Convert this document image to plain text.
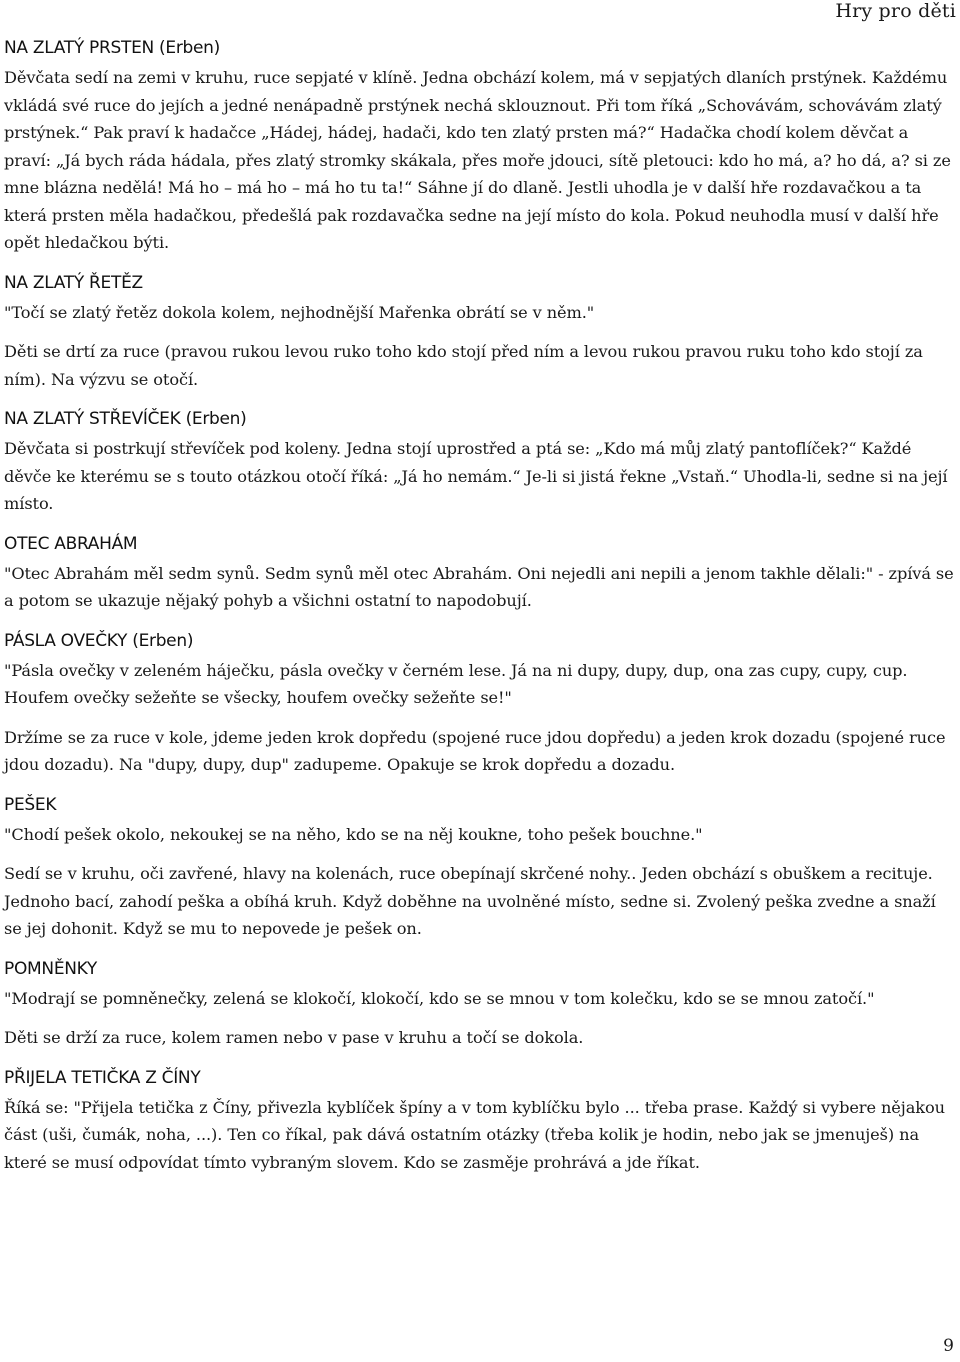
Hry pro děti
NA ZLATÝ PRSTEN (Erben)

Děvčata sedí na zemi v kruhu, ruce sepjaté v klíně. Jedna obchází kolem, má v sepjatých dlaních prstýnek. Každému vkládá své ruce do jejích a jedné nenápadně prstýnek nechá sklouznout. Při tom říká „Schovávám, schovávám zlatý prstýnek.“ Pak praví k hadačce „Hádej, hádej, hadači, kdo ten zlatý prsten má?“ Hadačka chodí kolem děvčat a praví: „Já bych ráda hádala, přes zlatý stromky skákala, přes moře jdouci, sítě pletouci: kdo ho má, a? ho dá, a? si ze mne blázna nedělá! Má ho – má ho – má ho tu ta!“ Sáhne jí do dlaně. Jestli uhodla je v další hře rozdavačkou a ta která prsten měla hadačkou, předešlá pak rozdavačka sedne na její místo do kola. Pokud neuhodla musí v další hře opět hledačkou býti.

NA ZLATÝ ŘETĚZ

"Točí se zlatý řetěz dokola kolem, nejhodnější Mařenka obrátí se v něm."

Děti se drtí za ruce (pravou rukou levou ruko toho kdo stojí před ním a levou rukou pravou ruku toho kdo stojí za ním). Na výzvu se otočí.

NA ZLATÝ STŘEVÍČEK (Erben)

Děvčata si postrkují střevíček pod koleny. Jedna stojí uprostřed a ptá se: „Kdo má můj zlatý pantoflíček?“ Každé děvče ke kterému se s touto otázkou otočí říká: „Já ho nemám.“ Je-li si jistá řekne „Vstaň.“ Uhodla-li, sedne si na její místo.

OTEC ABRAHÁM

"Otec Abrahám měl sedm synů. Sedm synů měl otec Abrahám. Oni nejedli ani nepili a jenom takhle dělali:" - zpívá se a potom se ukazuje nějaký pohyb a všichni ostatní to napodobují.

PÁSLA OVEČKY (Erben)

"Pásla ovečky v zeleném háječku, pásla ovečky v černém lese. Já na ni dupy, dupy, dup, ona zas cupy, cupy, cup. Houfem ovečky sežeňte se všecky, houfem ovečky sežeňte se!"

Držíme se za ruce v kole, jdeme jeden krok dopředu (spojené ruce jdou dopředu) a jeden krok dozadu (spojené ruce jdou dozadu). Na "dupy, dupy, dup" zadupeme. Opakuje se krok dopředu a dozadu.

PEŠEK

"Chodí pešek okolo, nekoukej se na něho, kdo se na něj koukne, toho pešek bouchne."

Sedí se v kruhu, oči zavřené, hlavy na kolenách, ruce obepínají skrčené nohy.. Jeden obchází s obuškem a recituje. Jednoho bací, zahodí peška a obíhá kruh. Když doběhne na uvolněné místo, sedne si. Zvolený peška zvedne a snaží se jej dohonit. Když se mu to nepovede je pešek on.

POMNĚNKY

"Modrají se pomněnečky, zelená se klokočí, klokočí, kdo se se mnou v tom kolečku, kdo se se mnou zatočí."

Děti se drží za ruce, kolem ramen nebo v pase v kruhu a točí se dokola.

PŘIJELA TETIČKA Z ČÍNY

Říká se: "Přijela tetička z Číny, přivezla kyblíček špíny a v tom kyblíčku bylo ... třeba prase. Každý si vybere nějakou část (uši, čumák, noha, ...). Ten co říkal, pak dává ostatním otázky (třeba kolik je hodin, nebo jak se jmenuješ) na které se musí odpovídat tímto vybraným slovem. Kdo se zasměje prohrává a jde říkat.

9
